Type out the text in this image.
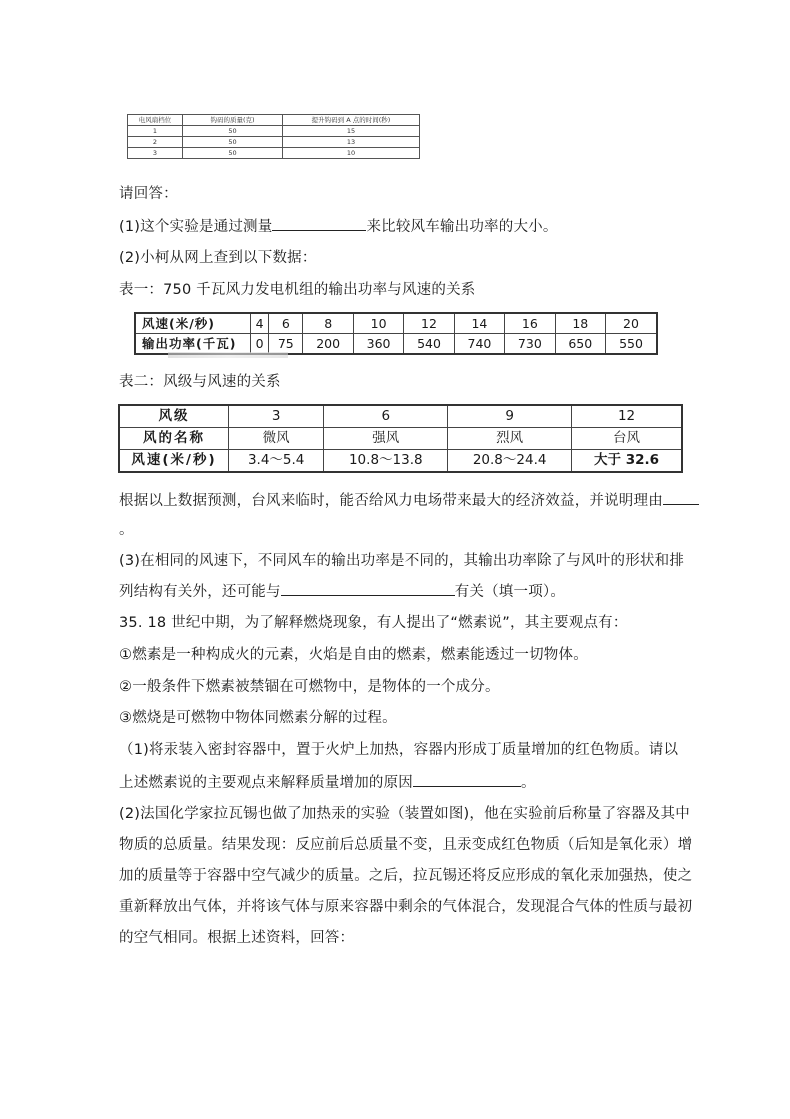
电风扇档位	钩码的质量(克)	提升钩码到 A 点的时间(秒)
1	50	15
2	50	13
3	50	10
请回答：
(1)这个实验是通过测量	来比较风车输出功率的大小。
(2)小柯从网上查到以下数据：
表一：750 千瓦风力发电机组的输出功率与风速的关系
风速(米/秒)	4	6	8	10	12	14	16	18	20
输出功率(千瓦)	0	75	200	360	540	740	730	650	550
表二：风级与风速的关系
风级	3	6	9	12
风的名称	微风	强风	烈风	台风
风速(米/秒)	3.4～5.4	10.8～13.8	20.8～24.4	大于 32.6
根据以上数据预测，台风来临时，能否给风力电场带来最大的经济效益，并说明理由
。
(3)在相同的风速下，不同风车的输出功率是不同的，其输出功率除了与风叶的形状和排
列结构有关外，还可能与	有关（填一项）。
35. 18 世纪中期，为了解释燃烧现象，有人提出了“燃素说”，其主要观点有：
①燃素是一种构成火的元素，火焰是自由的燃素，燃素能透过一切物体。
②一般条件下燃素被禁锢在可燃物中，是物体的一个成分。
③燃烧是可燃物中物体同燃素分解的过程。
（1)将汞装入密封容器中，置于火炉上加热，容器内形成丁质量增加的红色物质。请以
上述燃素说的主要观点来解释质量增加的原因	。
(2)法国化学家拉瓦锡也做了加热汞的实验（装置如图)，他在实验前后称量了容器及其中
物质的总质量。结果发现：反应前后总质量不变，且汞变成红色物质（后知是氧化汞）增
加的质量等于容器中空气减少的质量。之后，拉瓦锡还将反应形成的氧化汞加强热，使之
重新释放出气体，并将该气体与原来容器中剩余的气体混合，发现混合气体的性质与最初
的空气相同。根据上述资料，回答：
